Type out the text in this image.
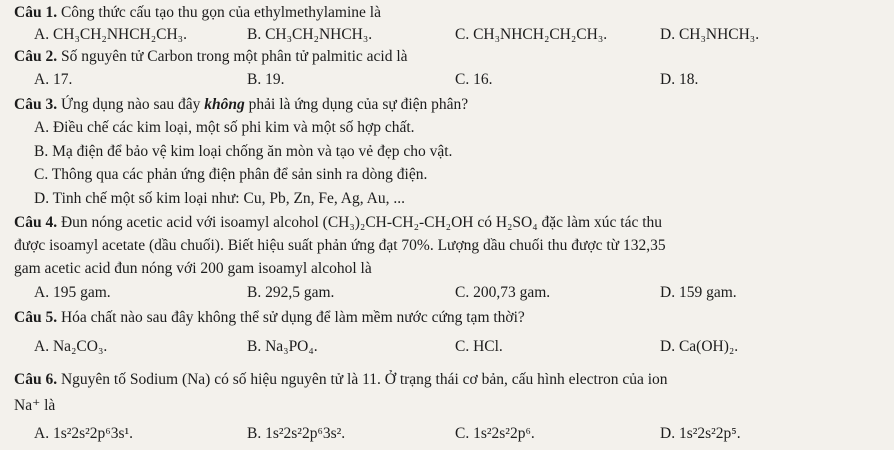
Câu 1. Công thức cấu tạo thu gọn của ethylmethylamine là
A. CH₃CH₂NHCH₂CH₃.	B. CH₃CH₂NHCH₃.	C. CH₃NHCH₂CH₂CH₃.	D. CH₃NHCH₃.
Câu 2. Số nguyên tử Carbon trong một phân tử palmitic acid là
A. 17.	B. 19.	C. 16.	D. 18.
Câu 3. Ứng dụng nào sau đây không phải là ứng dụng của sự điện phân?
A. Điều chế các kim loại, một số phi kim và một số hợp chất.
B. Mạ điện để bảo vệ kim loại chống ăn mòn và tạo vẻ đẹp cho vật.
C. Thông qua các phản ứng điện phân để sản sinh ra dòng điện.
D. Tinh chế một số kim loại như: Cu, Pb, Zn, Fe, Ag, Au, ...
Câu 4. Đun nóng acetic acid với isoamyl alcohol (CH₃)₂CH-CH₂-CH₂OH có H₂SO₄ đặc làm xúc tác thu
được isoamyl acetate (dầu chuối). Biết hiệu suất phản ứng đạt 70%. Lượng dầu chuối thu được từ 132,35
gam acetic acid đun nóng với 200 gam isoamyl alcohol là
A. 195 gam.	B. 292,5 gam.	C. 200,73 gam.	D. 159 gam.
Câu 5. Hóa chất nào sau đây không thể sử dụng để làm mềm nước cứng tạm thời?
A. Na₂CO₃.	B. Na₃PO₄.	C. HCl.	D. Ca(OH)₂.
Câu 6. Nguyên tố Sodium (Na) có số hiệu nguyên tử là 11. Ở trạng thái cơ bản, cấu hình electron của ion
Na⁺ là
A. 1s²2s²2p⁶3s¹.	B. 1s²2s²2p⁶3s².	C. 1s²2s²2p⁶.	D. 1s²2s²2p⁵.
